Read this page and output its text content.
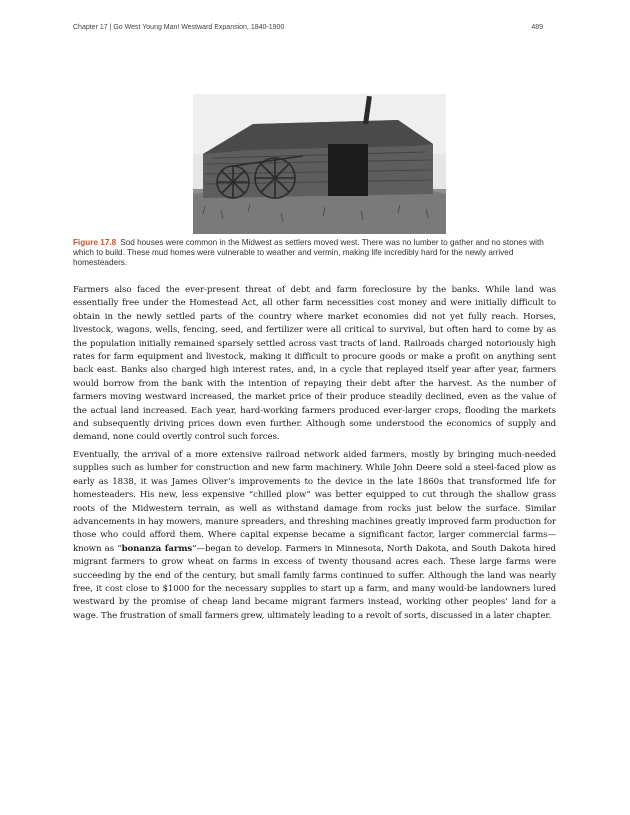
Chapter 17 | Go West Young Man! Westward Expansion, 1840-1900	489
Figure 17.8 Sod houses were common in the Midwest as settlers moved west. There was no lumber to gather and no stones with which to build. These mud homes were vulnerable to weather and vermin, making life incredibly hard for the newly arrived homesteaders.

Farmers also faced the ever-present threat of debt and farm foreclosure by the banks. While land was essentially free under the Homestead Act, all other farm necessities cost money and were initially difficult to obtain in the newly settled parts of the country where market economies did not yet fully reach. Horses, livestock, wagons, wells, fencing, seed, and fertilizer were all critical to survival, but often hard to come by as the population initially remained sparsely settled across vast tracts of land. Railroads charged notoriously high rates for farm equipment and livestock, making it difficult to procure goods or make a profit on anything sent back east. Banks also charged high interest rates, and, in a cycle that replayed itself year after year, farmers would borrow from the bank with the intention of repaying their debt after the harvest. As the number of farmers moving westward increased, the market price of their produce steadily declined, even as the value of the actual land increased. Each year, hard-working farmers produced ever-larger crops, flooding the markets and subsequently driving prices down even further. Although some understood the economics of supply and demand, none could overtly control such forces.

Eventually, the arrival of a more extensive railroad network aided farmers, mostly by bringing much-needed supplies such as lumber for construction and new farm machinery. While John Deere sold a steel-faced plow as early as 1838, it was James Oliver’s improvements to the device in the late 1860s that transformed life for homesteaders. His new, less expensive “chilled plow” was better equipped to cut through the shallow grass roots of the Midwestern terrain, as well as withstand damage from rocks just below the surface. Similar advancements in hay mowers, manure spreaders, and threshing machines greatly improved farm production for those who could afford them. Where capital expense became a significant factor, larger commercial farms—known as “bonanza farms”—began to develop. Farmers in Minnesota, North Dakota, and South Dakota hired migrant farmers to grow wheat on farms in excess of twenty thousand acres each. These large farms were succeeding by the end of the century, but small family farms continued to suffer. Although the land was nearly free, it cost close to $1000 for the necessary supplies to start up a farm, and many would-be landowners lured westward by the promise of cheap land became migrant farmers instead, working other peoples’ land for a wage. The frustration of small farmers grew, ultimately leading to a revolt of sorts, discussed in a later chapter.
